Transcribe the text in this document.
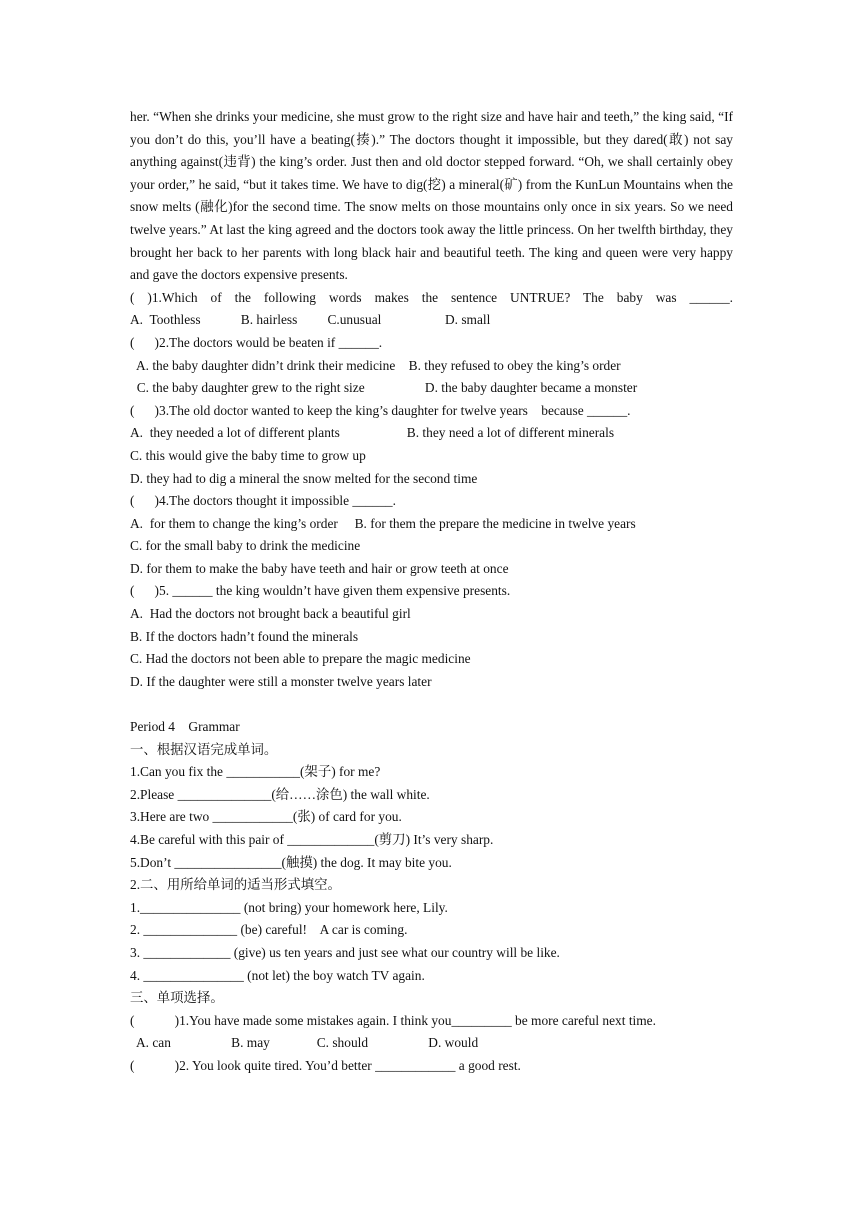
her. “When she drinks your medicine, she must grow to the right size and have hair and teeth,” the king said, “If you don’t do this, you’ll have a beating(揍).” The doctors thought it impossible, but they dared(敢) not say anything against(违背) the king’s order. Just then and old doctor stepped forward. “Oh, we shall certainly obey your order,” he said, “but it takes time. We have to dig(挖) a mineral(矿) from the KunLun Mountains when the snow melts (融化)for the second time. The snow melts on those mountains only once in six years. So we need twelve years.” At last the king agreed and the doctors took away the little princess. On her twelfth birthday, they brought her back to her parents with long black hair and beautiful teeth. The king and queen were very happy and gave the doctors expensive presents.

( )1.Which of the following words makes the sentence UNTRUE? The baby was ______.

A.  Toothless            B. hairless         C.unusual                   D. small

(      )2.The doctors would be beaten if ______.

A. the baby daughter didn’t drink their medicine    B. they refused to obey the king’s order

C. the baby daughter grew to the right size                  D. the baby daughter became a monster

(      )3.The old doctor wanted to keep the king’s daughter for twelve years    because ______.

A.  they needed a lot of different plants                    B. they need a lot of different minerals

C. this would give the baby time to grow up

D. they had to dig a mineral the snow melted for the second time

(      )4.The doctors thought it impossible ______.

A.  for them to change the king’s order     B. for them the prepare the medicine in twelve years

C. for the small baby to drink the medicine

D. for them to make the baby have teeth and hair or grow teeth at once

(      )5. ______ the king wouldn’t have given them expensive presents.

A.  Had the doctors not brought back a beautiful girl

B. If the doctors hadn’t found the minerals

C. Had the doctors not been able to prepare the magic medicine

D. If the daughter were still a monster twelve years later

Period 4    Grammar

一、根据汉语完成单词。

1.Can you fix the ___________(架子) for me?

2.Please ______________(给……涂色) the wall white.

3.Here are two ____________(张) of card for you.

4.Be careful with this pair of _____________(剪刀) It’s very sharp.

5.Don’t ________________(触摸) the dog. It may bite you.

2.二、用所给单词的适当形式填空。

1._______________ (not bring) your homework here, Lily.

2. ______________ (be) careful!    A car is coming.

3. _____________ (give) us ten years and just see what our country will be like.

4. _______________ (not let) the boy watch TV again.

三、单项选择。

(            )1.You have made some mistakes again. I think you_________ be more careful next time.

A. can                  B. may              C. should                  D. would

(            )2. You look quite tired. You’d better ____________ a good rest.
